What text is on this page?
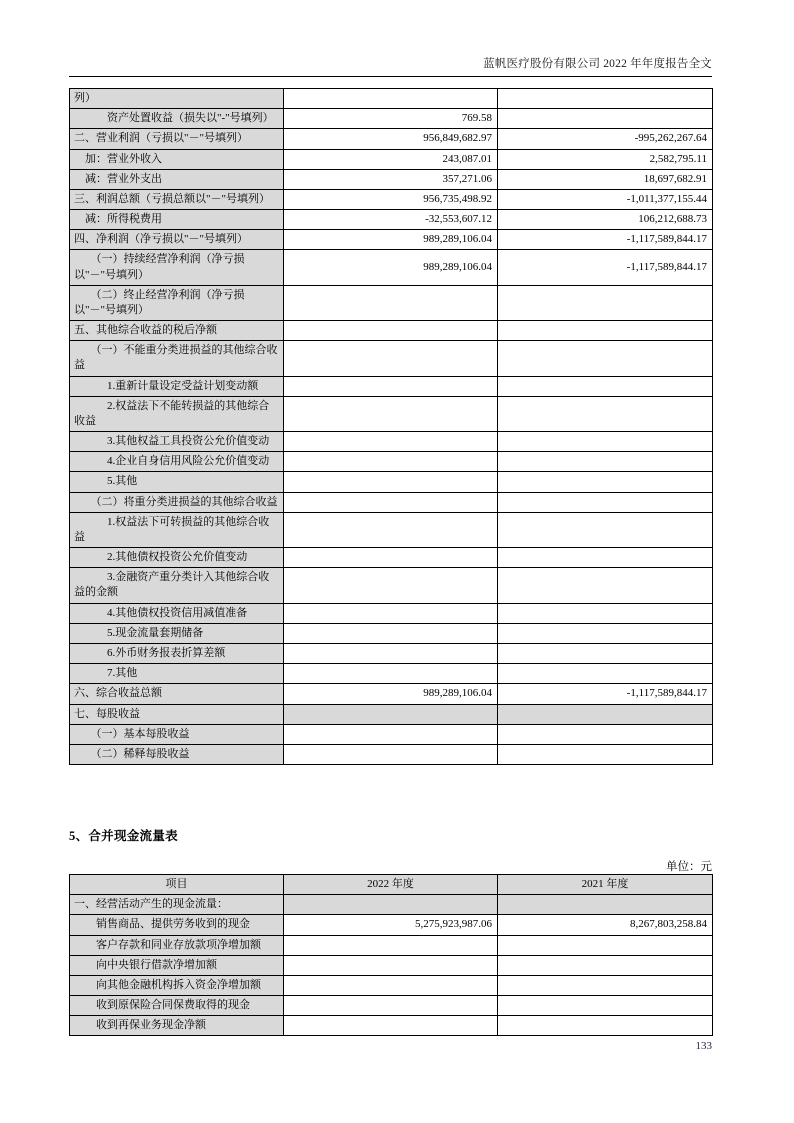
蓝帆医疗股份有限公司 2022 年年度报告全文
列）		
　　　资产处置收益（损失以"-"号填列）	769.58	
二、营业利润（亏损以"－"号填列）	956,849,682.97	-995,262,267.64
　加：营业外收入	243,087.01	2,582,795.11
　减：营业外支出	357,271.06	18,697,682.91
三、利润总额（亏损总额以"－"号填列）	956,735,498.92	-1,011,377,155.44
　减：所得税费用	-32,553,607.12	106,212,688.73
四、净利润（净亏损以"－"号填列）	989,289,106.04	-1,117,589,844.17
　　（一）持续经营净利润（净亏损以"－"号填列）	989,289,106.04	-1,117,589,844.17
　　（二）终止经营净利润（净亏损以"－"号填列）		
五、其他综合收益的税后净额		
　　（一）不能重分类进损益的其他综合收益		
　　　1.重新计量设定受益计划变动额		
　　　2.权益法下不能转损益的其他综合收益		
　　　3.其他权益工具投资公允价值变动		
　　　4.企业自身信用风险公允价值变动		
　　　5.其他		
　　（二）将重分类进损益的其他综合收益		
　　　1.权益法下可转损益的其他综合收益		
　　　2.其他债权投资公允价值变动		
　　　3.金融资产重分类计入其他综合收益的金额		
　　　4.其他债权投资信用减值准备		
　　　5.现金流量套期储备		
　　　6.外币财务报表折算差额		
　　　7.其他		
六、综合收益总额	989,289,106.04	-1,117,589,844.17
七、每股收益		
　　（一）基本每股收益		
　　（二）稀释每股收益		
5、合并现金流量表
单位：元
项目	2022 年度	2021 年度
一、经营活动产生的现金流量：		
　　销售商品、提供劳务收到的现金	5,275,923,987.06	8,267,803,258.84
　　客户存款和同业存放款项净增加额		
　　向中央银行借款净增加额		
　　向其他金融机构拆入资金净增加额		
　　收到原保险合同保费取得的现金		
　　收到再保业务现金净额		
133
